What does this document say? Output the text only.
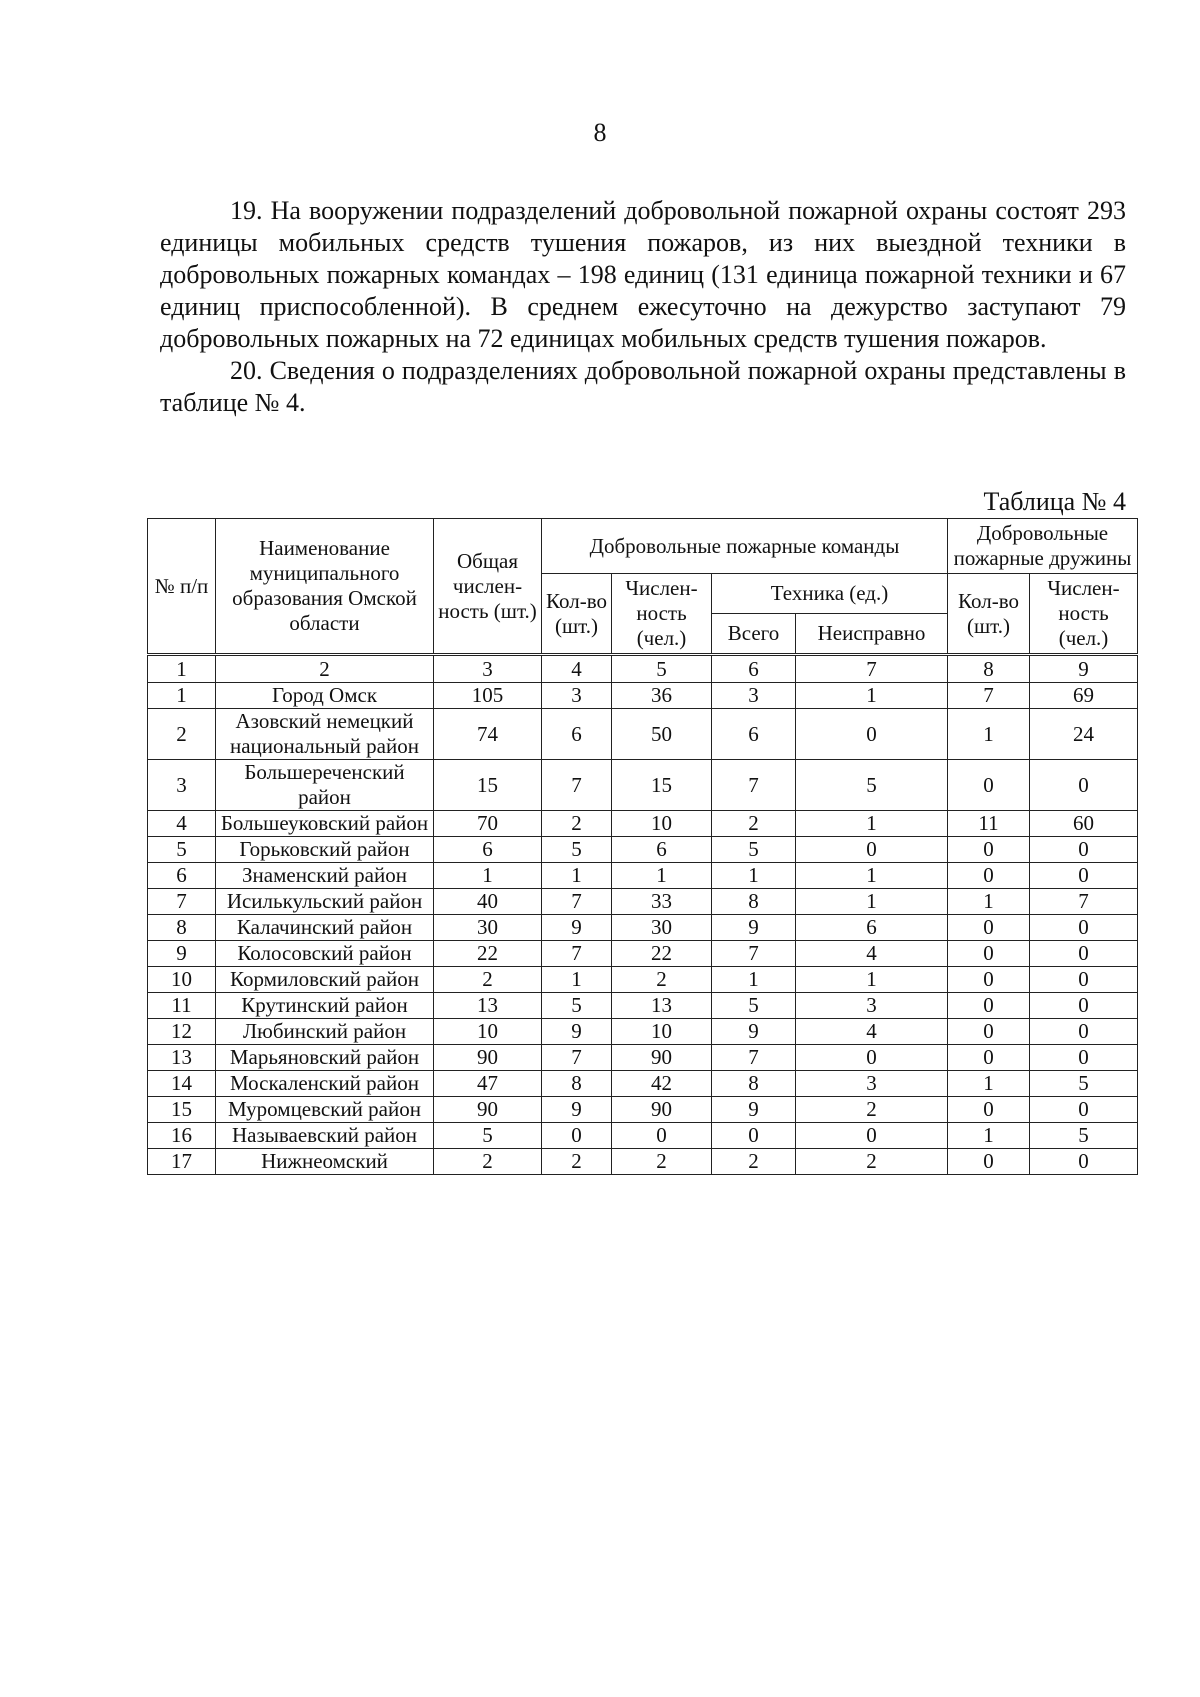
8

19. На вооружении подразделений добровольной пожарной охраны состоят 293 единицы мобильных средств тушения пожаров, из них выездной техники в добровольных пожарных командах – 198 единиц (131 единица пожарной техники и 67 единиц приспособленной). В среднем ежесуточно на дежурство заступают 79 добровольных пожарных на 72 единицах мобильных средств тушения пожаров.

20. Сведения о подразделениях добровольной пожарной охраны представлены в таблице № 4.

Таблица № 4
№ п/п	Наименование муниципального образования Омской области	Общая числен-ность (шт.)	Добровольные пожарные команды				Добровольные пожарные дружины	
			Кол-во (шт.)	Числен-ность (чел.)	Техника (ед.)		Кол-во (шт.)	Числен-ность (чел.)
					Всего	Неисправно		
1	2	3	4	5	6	7	8	9
1	Город Омск	105	3	36	3	1	7	69
2	Азовский немецкий национальный район	74	6	50	6	0	1	24
3	Большереченский район	15	7	15	7	5	0	0
4	Большеуковский район	70	2	10	2	1	11	60
5	Горьковский район	6	5	6	5	0	0	0
6	Знаменский район	1	1	1	1	1	0	0
7	Исилькульский район	40	7	33	8	1	1	7
8	Калачинский район	30	9	30	9	6	0	0
9	Колосовский район	22	7	22	7	4	0	0
10	Кормиловский район	2	1	2	1	1	0	0
11	Крутинский район	13	5	13	5	3	0	0
12	Любинский район	10	9	10	9	4	0	0
13	Марьяновский район	90	7	90	7	0	0	0
14	Москаленский район	47	8	42	8	3	1	5
15	Муромцевский район	90	9	90	9	2	0	0
16	Называевский район	5	0	0	0	0	1	5
17	Нижнеомский	2	2	2	2	2	0	0
